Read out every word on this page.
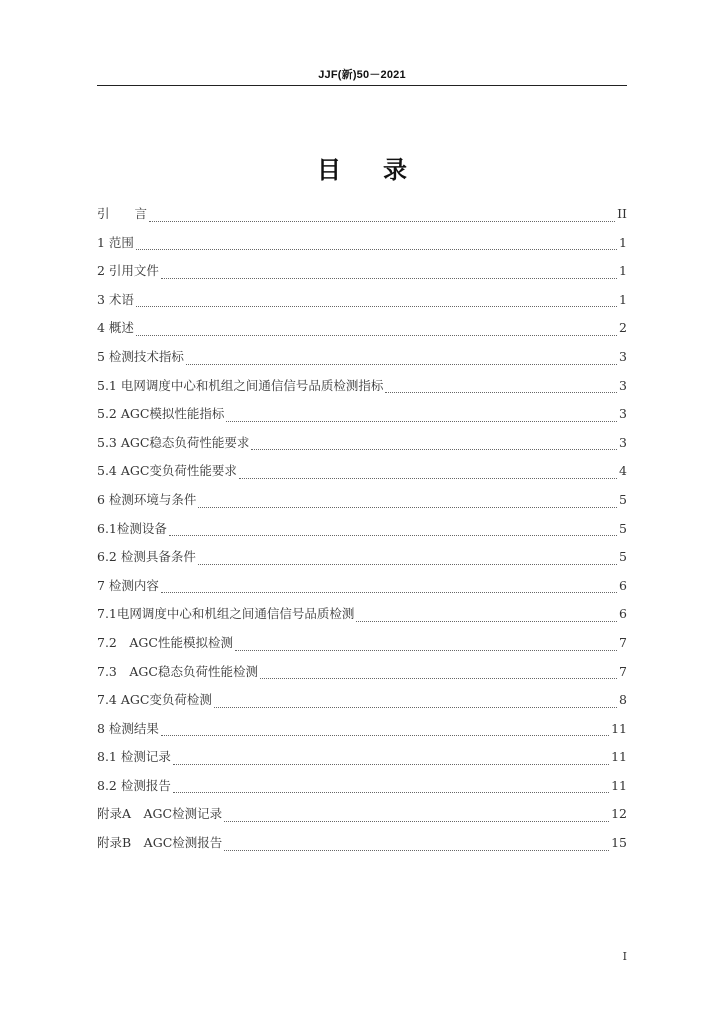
JJF(新)50－2021
目 录
引　　言	II
1 范围	1
2 引用文件	1
3 术语	1
4 概述	2
5 检测技术指标	3
5.1 电网调度中心和机组之间通信信号品质检测指标	3
5.2 AGC模拟性能指标	3
5.3 AGC稳态负荷性能要求	3
5.4 AGC变负荷性能要求	4
6 检测环境与条件	5
6.1检测设备	5
6.2 检测具备条件	5
7 检测内容	6
7.1电网调度中心和机组之间通信信号品质检测	6
7.2　AGC性能模拟检测	7
7.3　AGC稳态负荷性能检测	7
7.4 AGC变负荷检测	8
8 检测结果	11
8.1 检测记录	11
8.2 检测报告	11
附录A　AGC检测记录	12
附录B　AGC检测报告	15
I
